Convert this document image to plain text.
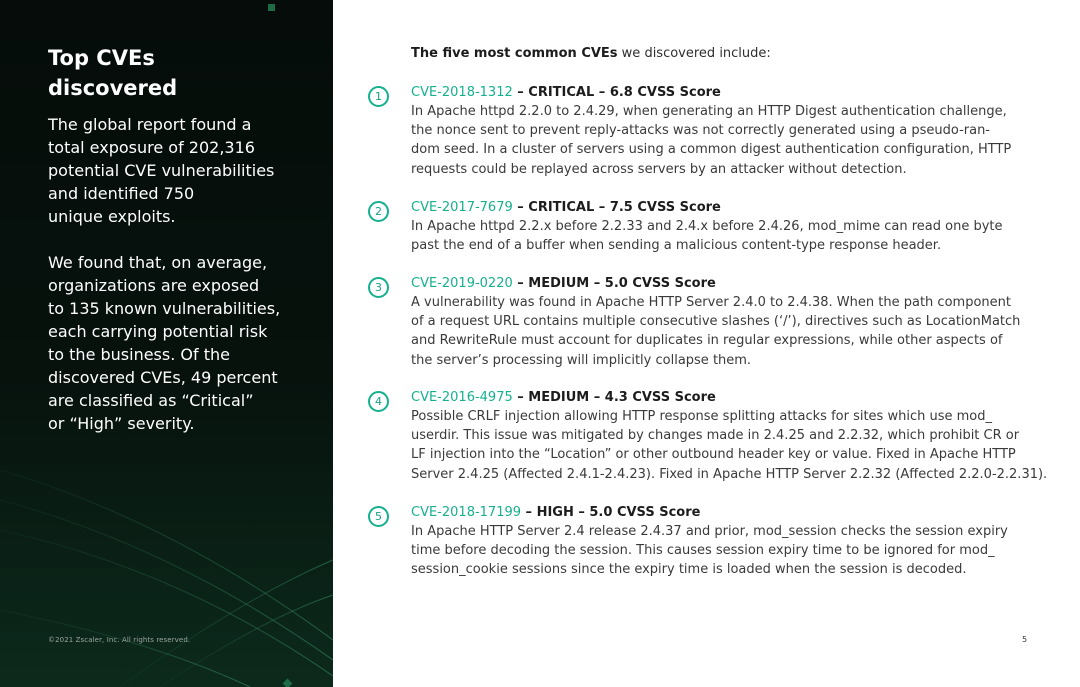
Top CVEs
discovered

The global report found a
total exposure of 202,316
potential CVE vulnerabilities
and identified 750
unique exploits.

We found that, on average,
organizations are exposed
to 135 known vulnerabilities,
each carrying potential risk
to the business. Of the
discovered CVEs, 49 percent
are classified as “Critical”
or “High” severity.

©2021 Zscaler, Inc. All rights reserved.

The five most common CVEs we discovered include:

1	CVE-2018-1312 – CRITICAL – 6.8 CVSS Score

In Apache httpd 2.2.0 to 2.4.29, when generating an HTTP Digest authentication challenge,
the nonce sent to prevent reply-attacks was not correctly generated using a pseudo-ran-
dom seed. In a cluster of servers using a common digest authentication configuration, HTTP
requests could be replayed across servers by an attacker without detection.

2	CVE-2017-7679 – CRITICAL – 7.5 CVSS Score

In Apache httpd 2.2.x before 2.2.33 and 2.4.x before 2.4.26, mod_mime can read one byte
past the end of a buffer when sending a malicious content-type response header.

3	CVE-2019-0220 – MEDIUM – 5.0 CVSS Score

A vulnerability was found in Apache HTTP Server 2.4.0 to 2.4.38. When the path component
of a request URL contains multiple consecutive slashes (‘/’), directives such as LocationMatch
and RewriteRule must account for duplicates in regular expressions, while other aspects of
the server’s processing will implicitly collapse them.

4	CVE-2016-4975 – MEDIUM – 4.3 CVSS Score

Possible CRLF injection allowing HTTP response splitting attacks for sites which use mod_
userdir. This issue was mitigated by changes made in 2.4.25 and 2.2.32, which prohibit CR or
LF injection into the “Location” or other outbound header key or value. Fixed in Apache HTTP
Server 2.4.25 (Affected 2.4.1-2.4.23). Fixed in Apache HTTP Server 2.2.32 (Affected 2.2.0-2.2.31).

5	CVE-2018-17199 – HIGH – 5.0 CVSS Score

In Apache HTTP Server 2.4 release 2.4.37 and prior, mod_session checks the session expiry
time before decoding the session. This causes session expiry time to be ignored for mod_
session_cookie sessions since the expiry time is loaded when the session is decoded.

5
